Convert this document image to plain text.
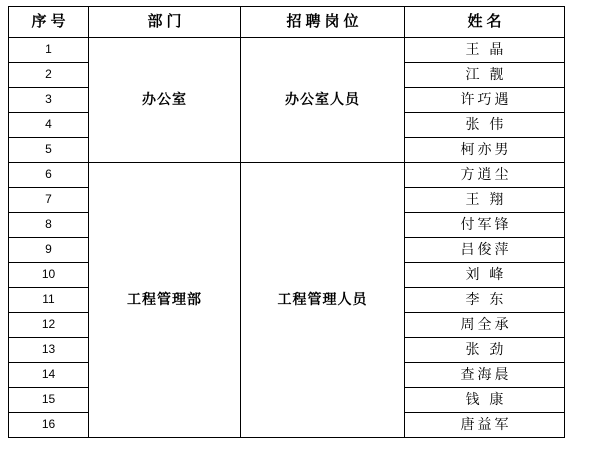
序号	部门	招聘岗位	姓名
1	办公室	办公室人员	王 晶
2			江 靓
3			许巧遇
4			张 伟
5			柯亦男
6	工程管理部	工程管理人员	方逍尘
7			王 翔
8			付军锋
9			吕俊萍
10			刘 峰
11			李 东
12			周全承
13			张 劲
14			查海晨
15			钱 康
16			唐益军
